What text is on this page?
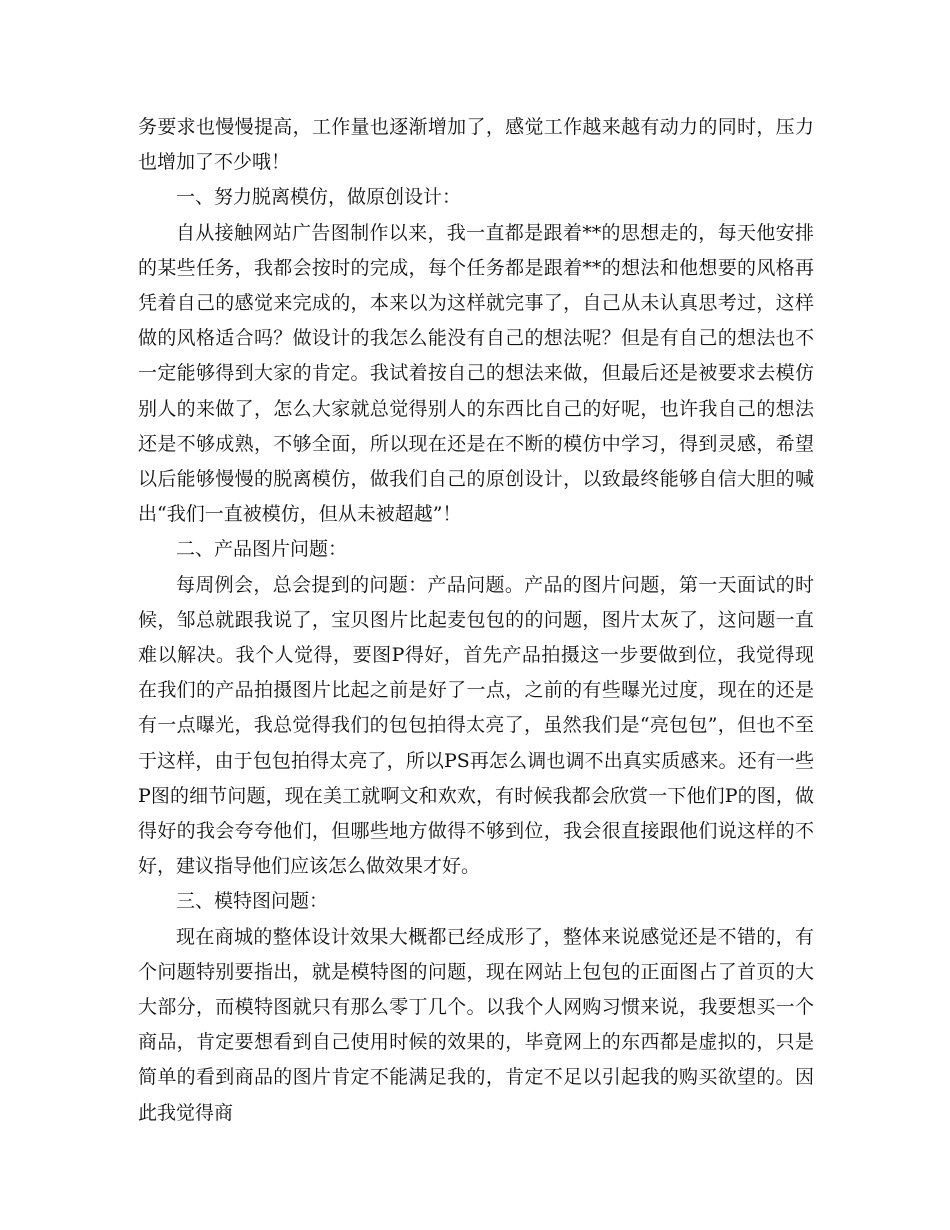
务要求也慢慢提高，工作量也逐渐增加了，感觉工作越来越有动力的同时，压力也增加了不少哦！

一、努力脱离模仿，做原创设计：

自从接触网站广告图制作以来，我一直都是跟着**的思想走的，每天他安排的某些任务，我都会按时的完成，每个任务都是跟着**的想法和他想要的风格再凭着自己的感觉来完成的，本来以为这样就完事了，自己从未认真思考过，这样做的风格适合吗？做设计的我怎么能没有自己的想法呢？但是有自己的想法也不一定能够得到大家的肯定。我试着按自己的想法来做，但最后还是被要求去模仿别人的来做了，怎么大家就总觉得别人的东西比自己的好呢，也许我自己的想法还是不够成熟，不够全面，所以现在还是在不断的模仿中学习，得到灵感，希望以后能够慢慢的脱离模仿，做我们自己的原创设计，以致最终能够自信大胆的喊出“我们一直被模仿，但从未被超越”！

二、产品图片问题：

每周例会，总会提到的问题：产品问题。产品的图片问题，第一天面试的时候，邹总就跟我说了，宝贝图片比起麦包包的的问题，图片太灰了，这问题一直难以解决。我个人觉得，要图P得好，首先产品拍摄这一步要做到位，我觉得现在我们的产品拍摄图片比起之前是好了一点，之前的有些曝光过度，现在的还是有一点曝光，我总觉得我们的包包拍得太亮了，虽然我们是“亮包包”，但也不至于这样，由于包包拍得太亮了，所以PS再怎么调也调不出真实质感来。还有一些P图的细节问题，现在美工就啊文和欢欢，有时候我都会欣赏一下他们P的图，做得好的我会夸夸他们，但哪些地方做得不够到位，我会很直接跟他们说这样的不好，建议指导他们应该怎么做效果才好。

三、模特图问题：

现在商城的整体设计效果大概都已经成形了，整体来说感觉还是不错的，有个问题特别要指出，就是模特图的问题，现在网站上包包的正面图占了首页的大大部分，而模特图就只有那么零丁几个。以我个人网购习惯来说，我要想买一个商品，肯定要想看到自己使用时候的效果的，毕竟网上的东西都是虚拟的，只是简单的看到商品的图片肯定不能满足我的，肯定不足以引起我的购买欲望的。因此我觉得商
